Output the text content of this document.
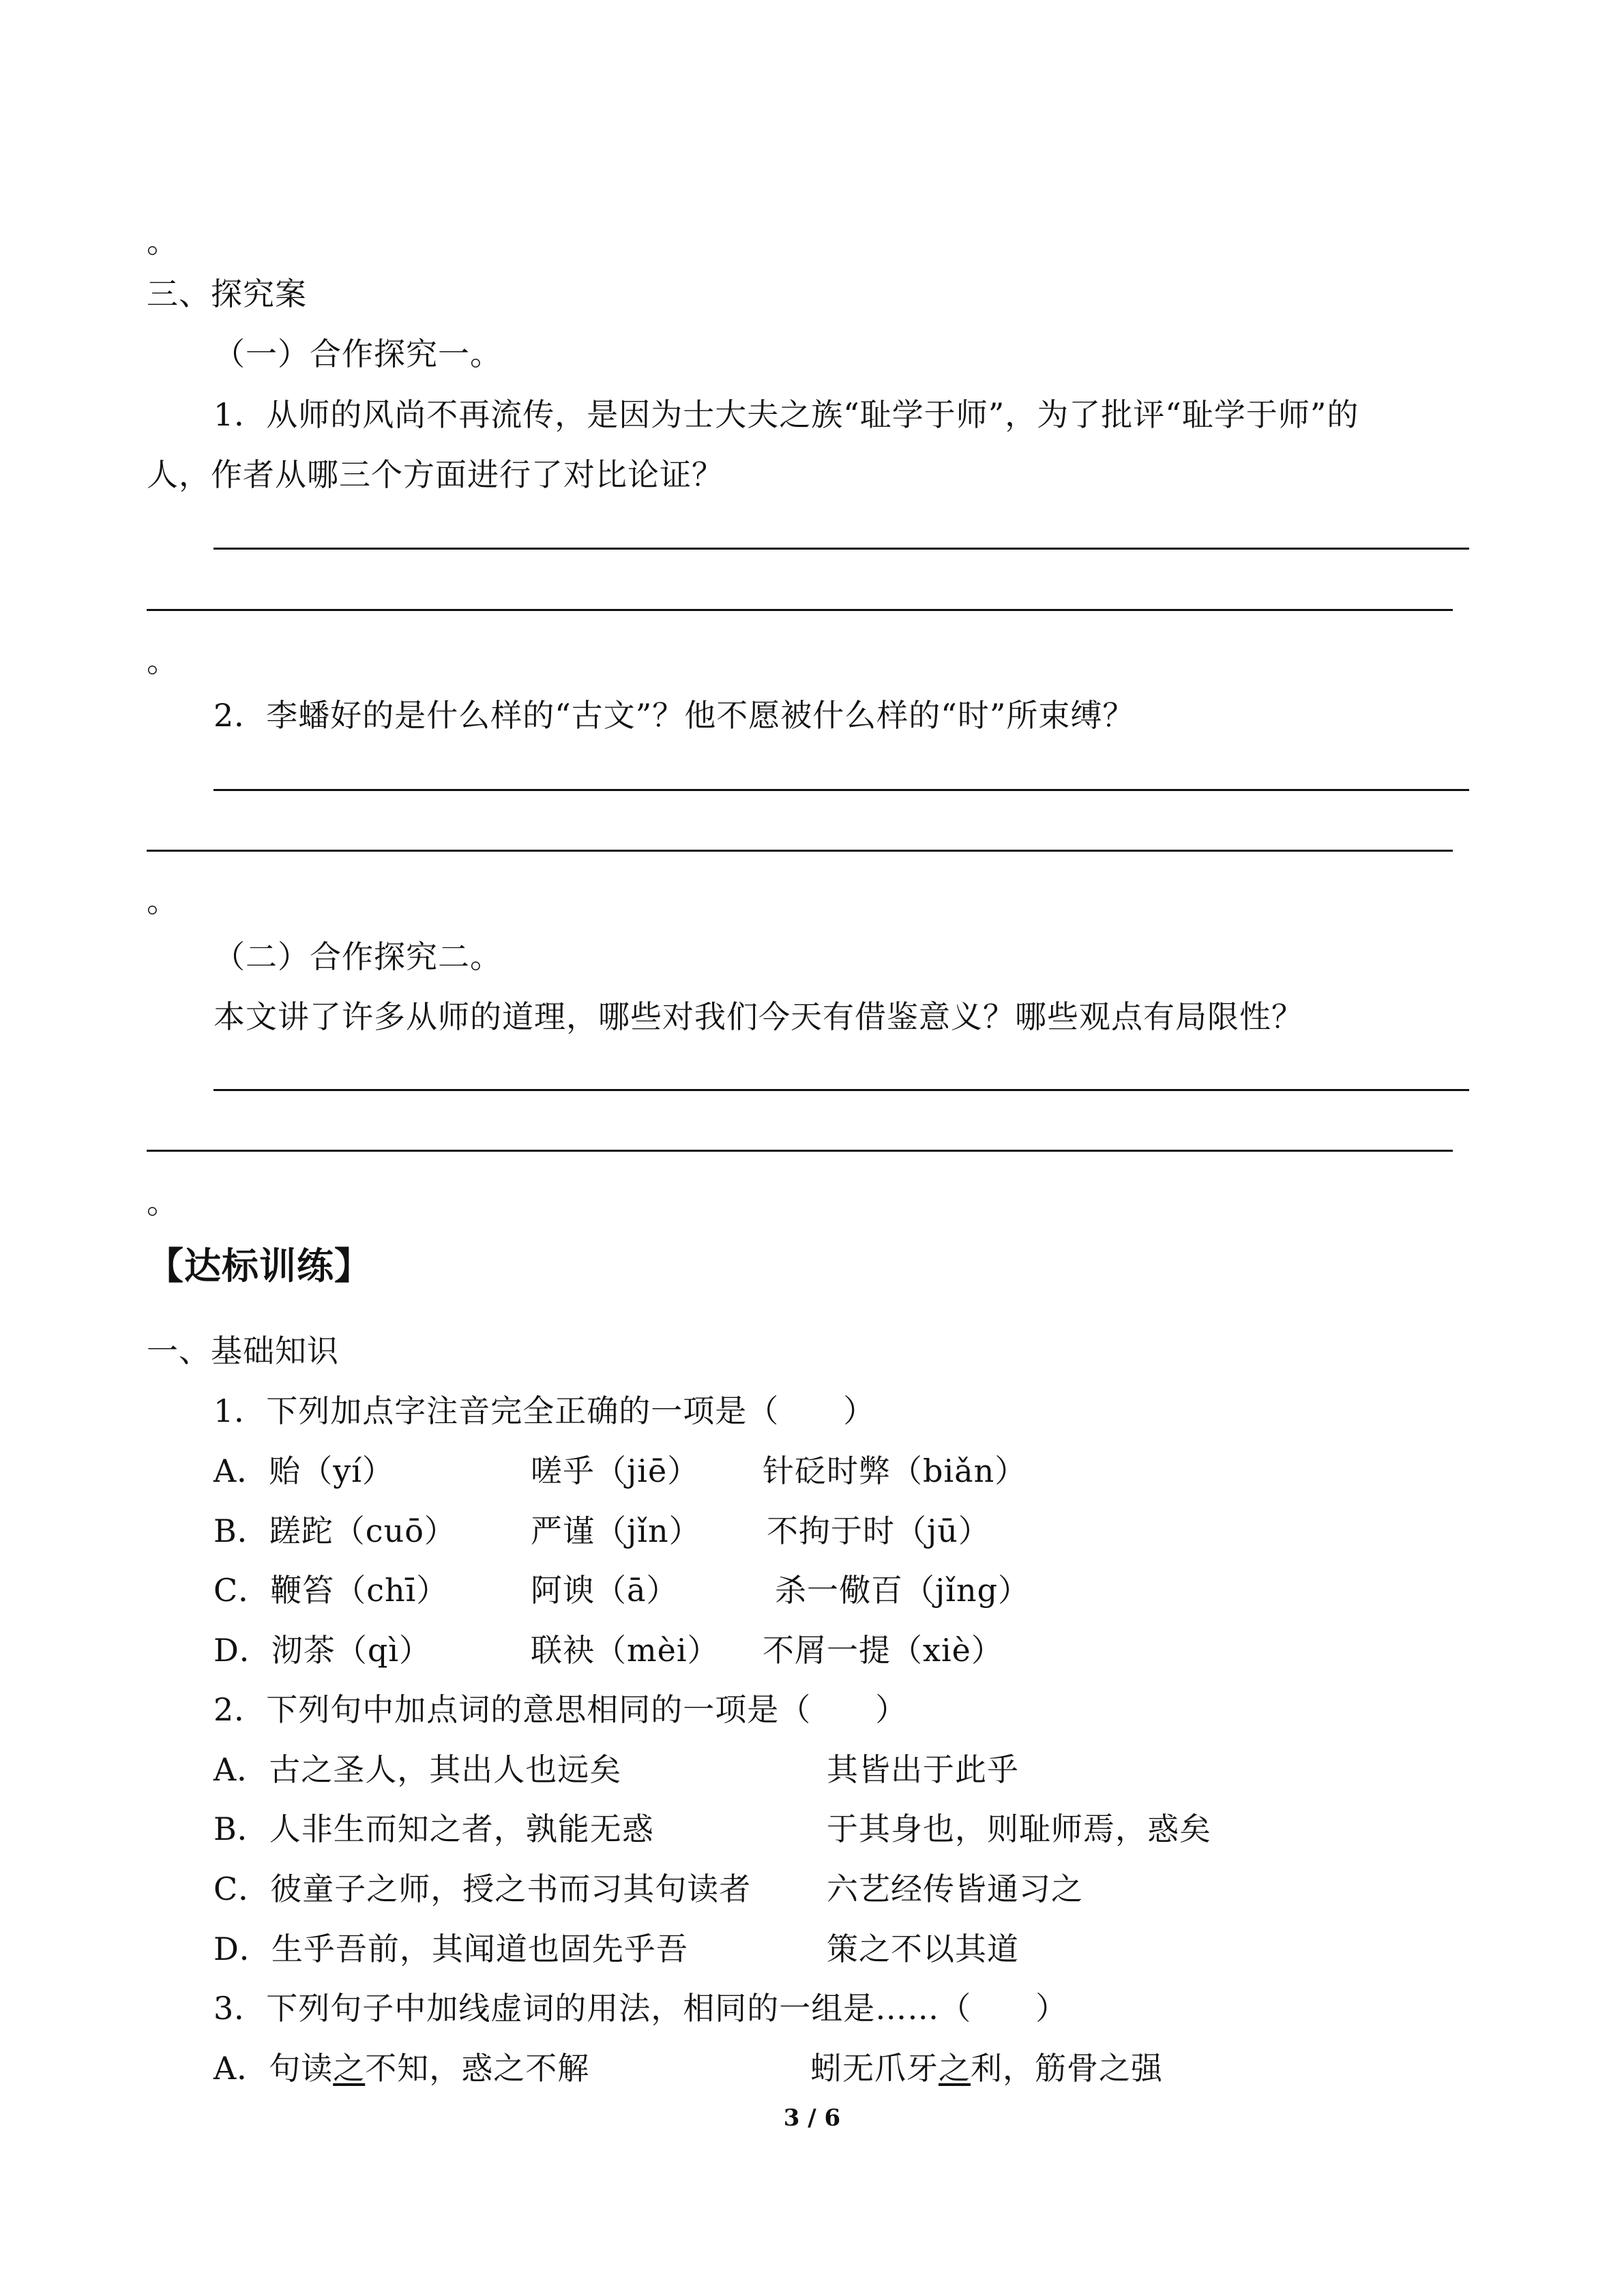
。
三、探究案
（一）合作探究一。
1．从师的风尚不再流传，是因为士大夫之族“耻学于师”，为了批评“耻学于师”的
人，作者从哪三个方面进行了对比论证？
。
2．李蟠好的是什么样的“古文”？他不愿被什么样的“时”所束缚？
。
（二）合作探究二。
本文讲了许多从师的道理，哪些对我们今天有借鉴意义？哪些观点有局限性？
。
【达标训练】
一、基础知识
1．下列加点字注音完全正确的一项是（　　）
A．贻（yí）	嗟乎（jiē） 针砭时弊（biǎn）
B．蹉跎（cuō） 严谨（jǐn） 不拘于时（jū）
C．鞭笞（chī）	阿谀（ā）	杀一儆百（jǐng）
D．沏茶（qì）	联袂（mèi） 不屑一提（xiè）
2．下列句中加点词的意思相同的一项是（　　）
A．古之圣人，其出人也远矣	其皆出于此乎
B．人非生而知之者，孰能无惑	于其身也，则耻师焉，惑矣
C．彼童子之师，授之书而习其句读者 六艺经传皆通习之
D．生乎吾前，其闻道也固先乎吾	策之不以其道
3．下列句子中加线虚词的用法，相同的一组是……（　　）
A．句读之不知，惑之不解	蚓无爪牙之利，筋骨之强
3 / 6
